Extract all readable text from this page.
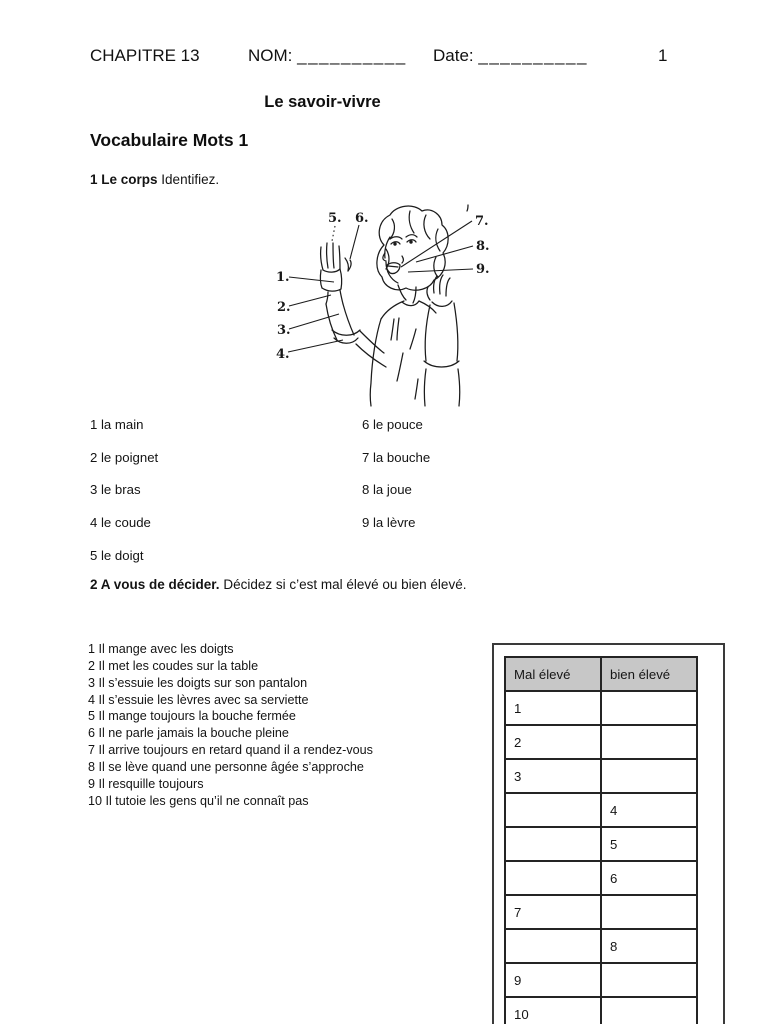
CHAPITRE 13	NOM: __________ Date: __________	1
Le savoir-vivre
Vocabulaire Mots 1
1 Le corps Identifiez.
1.
2.
3.
4.
5. 6.	7.
8.
9.
1 la main
2 le poignet
3 le bras
4 le coude
5 le doigt
6 le pouce
7 la bouche
8 la joue
9 la lèvre
2 A vous de décider. Décidez si c’est mal élevé ou bien élevé.
1 Il mange avec les doigts
2 Il met les coudes sur la table
3 Il s’essuie les doigts sur son pantalon
4 Il s’essuie les lèvres avec sa serviette
5 Il mange toujours la bouche fermée
6 Il ne parle jamais la bouche pleine
7 Il arrive toujours en retard quand il a rendez-vous
8 Il se lève quand une personne âgée s’approche
9 Il resquille toujours
10 Il tutoie les gens qu’il ne connaît pas
Mal élevé	bien élevé
1	
2	
3	
	4
	5
	6
7	
	8
9	
10	
